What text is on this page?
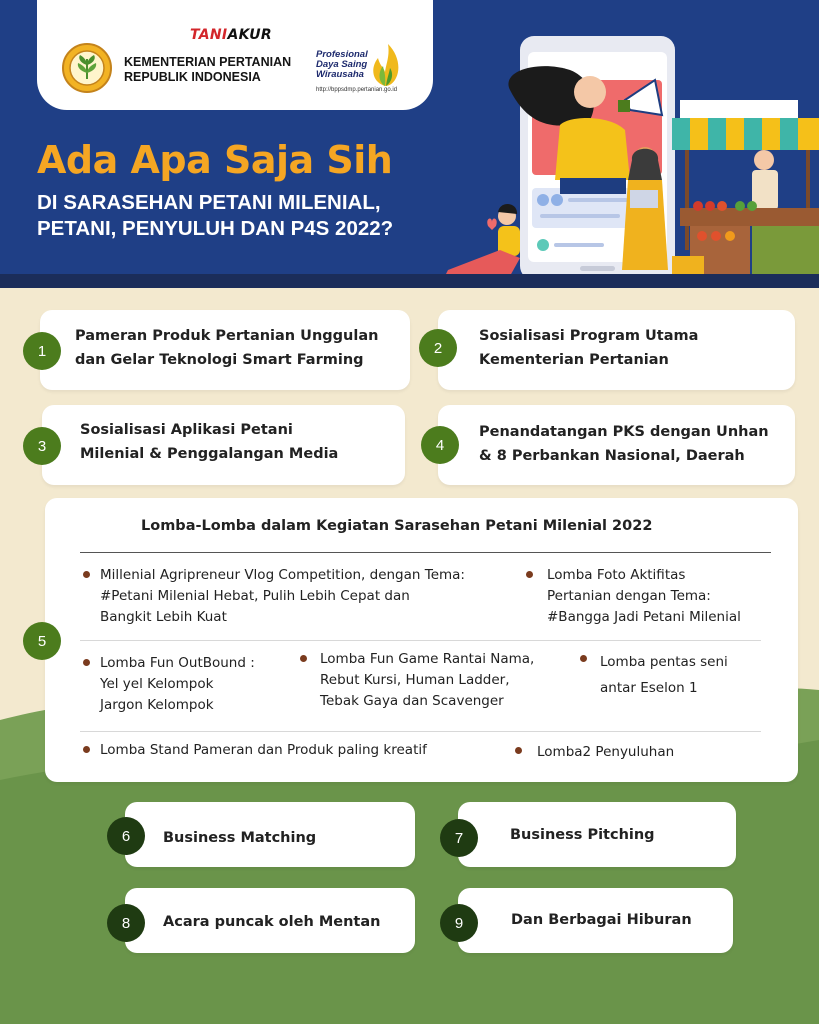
TANIAKUR
KEMENTERIAN PERTANIAN
REPUBLIK INDONESIA
Profesional
Daya Saing
Wirausaha
http://bppsdmp.pertanian.go.id
Ada Apa Saja Sih
DI SARASEHAN PETANI MILENIAL,
PETANI, PENYULUH DAN P4S 2022?
1
Pameran Produk Pertanian Unggulan
dan Gelar Teknologi Smart Farming
2
Sosialisasi Program Utama
Kementerian Pertanian
3
Sosialisasi Aplikasi Petani
Milenial & Penggalangan Media
4
Penandatangan PKS dengan Unhan
& 8 Perbankan Nasional, Daerah
5
Lomba-Lomba dalam Kegiatan Sarasehan Petani Milenial 2022
Millenial Agripreneur Vlog Competition, dengan Tema:
#Petani Milenial Hebat, Pulih Lebih Cepat dan
Bangkit Lebih Kuat
Lomba Foto Aktifitas
Pertanian dengan Tema:
#Bangga Jadi Petani Milenial
Lomba Fun OutBound :
Yel yel Kelompok
Jargon Kelompok
Lomba Fun Game Rantai Nama,
Rebut Kursi, Human Ladder,
Tebak Gaya dan Scavenger
Lomba pentas seni
antar Eselon 1
Lomba Stand Pameran dan Produk paling kreatif	Lomba2 Penyuluhan
6	Business Matching	7	Business Pitching
8	Acara puncak oleh Mentan	9	Dan Berbagai Hiburan
